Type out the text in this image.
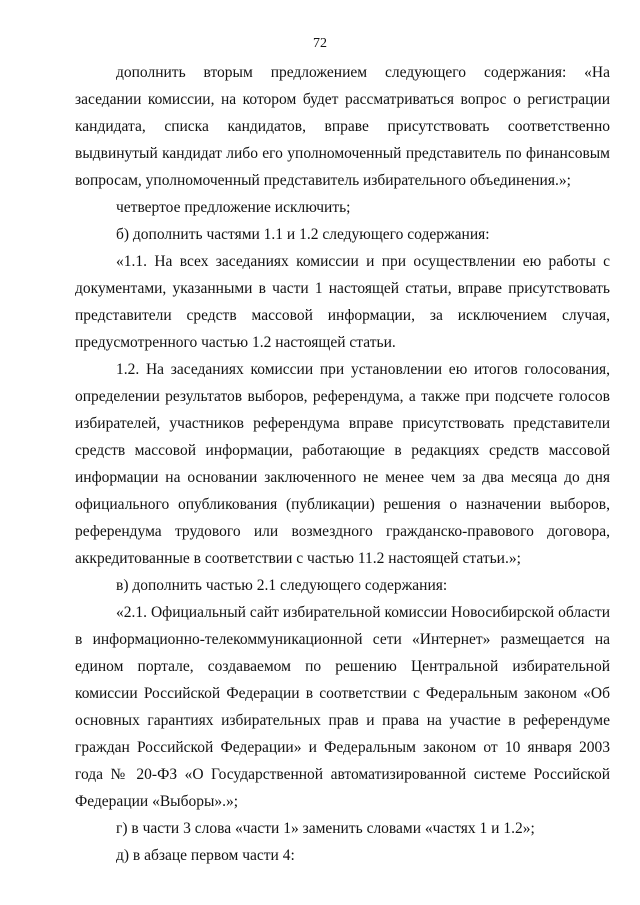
72

дополнить вторым предложением следующего содержания: «На заседании комиссии, на котором будет рассматриваться вопрос о регистрации кандидата, списка кандидатов, вправе присутствовать соответственно выдвинутый кандидат либо его уполномоченный представитель по финансовым вопросам, уполномоченный представитель избирательного объединения.»;

четвертое предложение исключить;

б) дополнить частями 1.1 и 1.2 следующего содержания:

«1.1. На всех заседаниях комиссии и при осуществлении ею работы с документами, указанными в части 1 настоящей статьи, вправе присутствовать представители средств массовой информации, за исключением случая, предусмотренного частью 1.2 настоящей статьи.

1.2. На заседаниях комиссии при установлении ею итогов голосования, определении результатов выборов, референдума, а также при подсчете голосов избирателей, участников референдума вправе присутствовать представители средств массовой информации, работающие в редакциях средств массовой информации на основании заключенного не менее чем за два месяца до дня официального опубликования (публикации) решения о назначении выборов, референдума трудового или возмездного гражданско-правового договора, аккредитованные в соответствии с частью 11.2 настоящей статьи.»;

в) дополнить частью 2.1 следующего содержания:

«2.1. Официальный сайт избирательной комиссии Новосибирской области в информационно-телекоммуникационной сети «Интернет» размещается на едином портале, создаваемом по решению Центральной избирательной комиссии Российской Федерации в соответствии с Федеральным законом «Об основных гарантиях избирательных прав и права на участие в референдуме граждан Российской Федерации» и Федеральным законом от 10 января 2003 года № 20-ФЗ «О Государственной автоматизированной системе Российской Федерации «Выборы».»;

г) в части 3 слова «части 1» заменить словами «частях 1 и 1.2»;

д) в абзаце первом части 4:
